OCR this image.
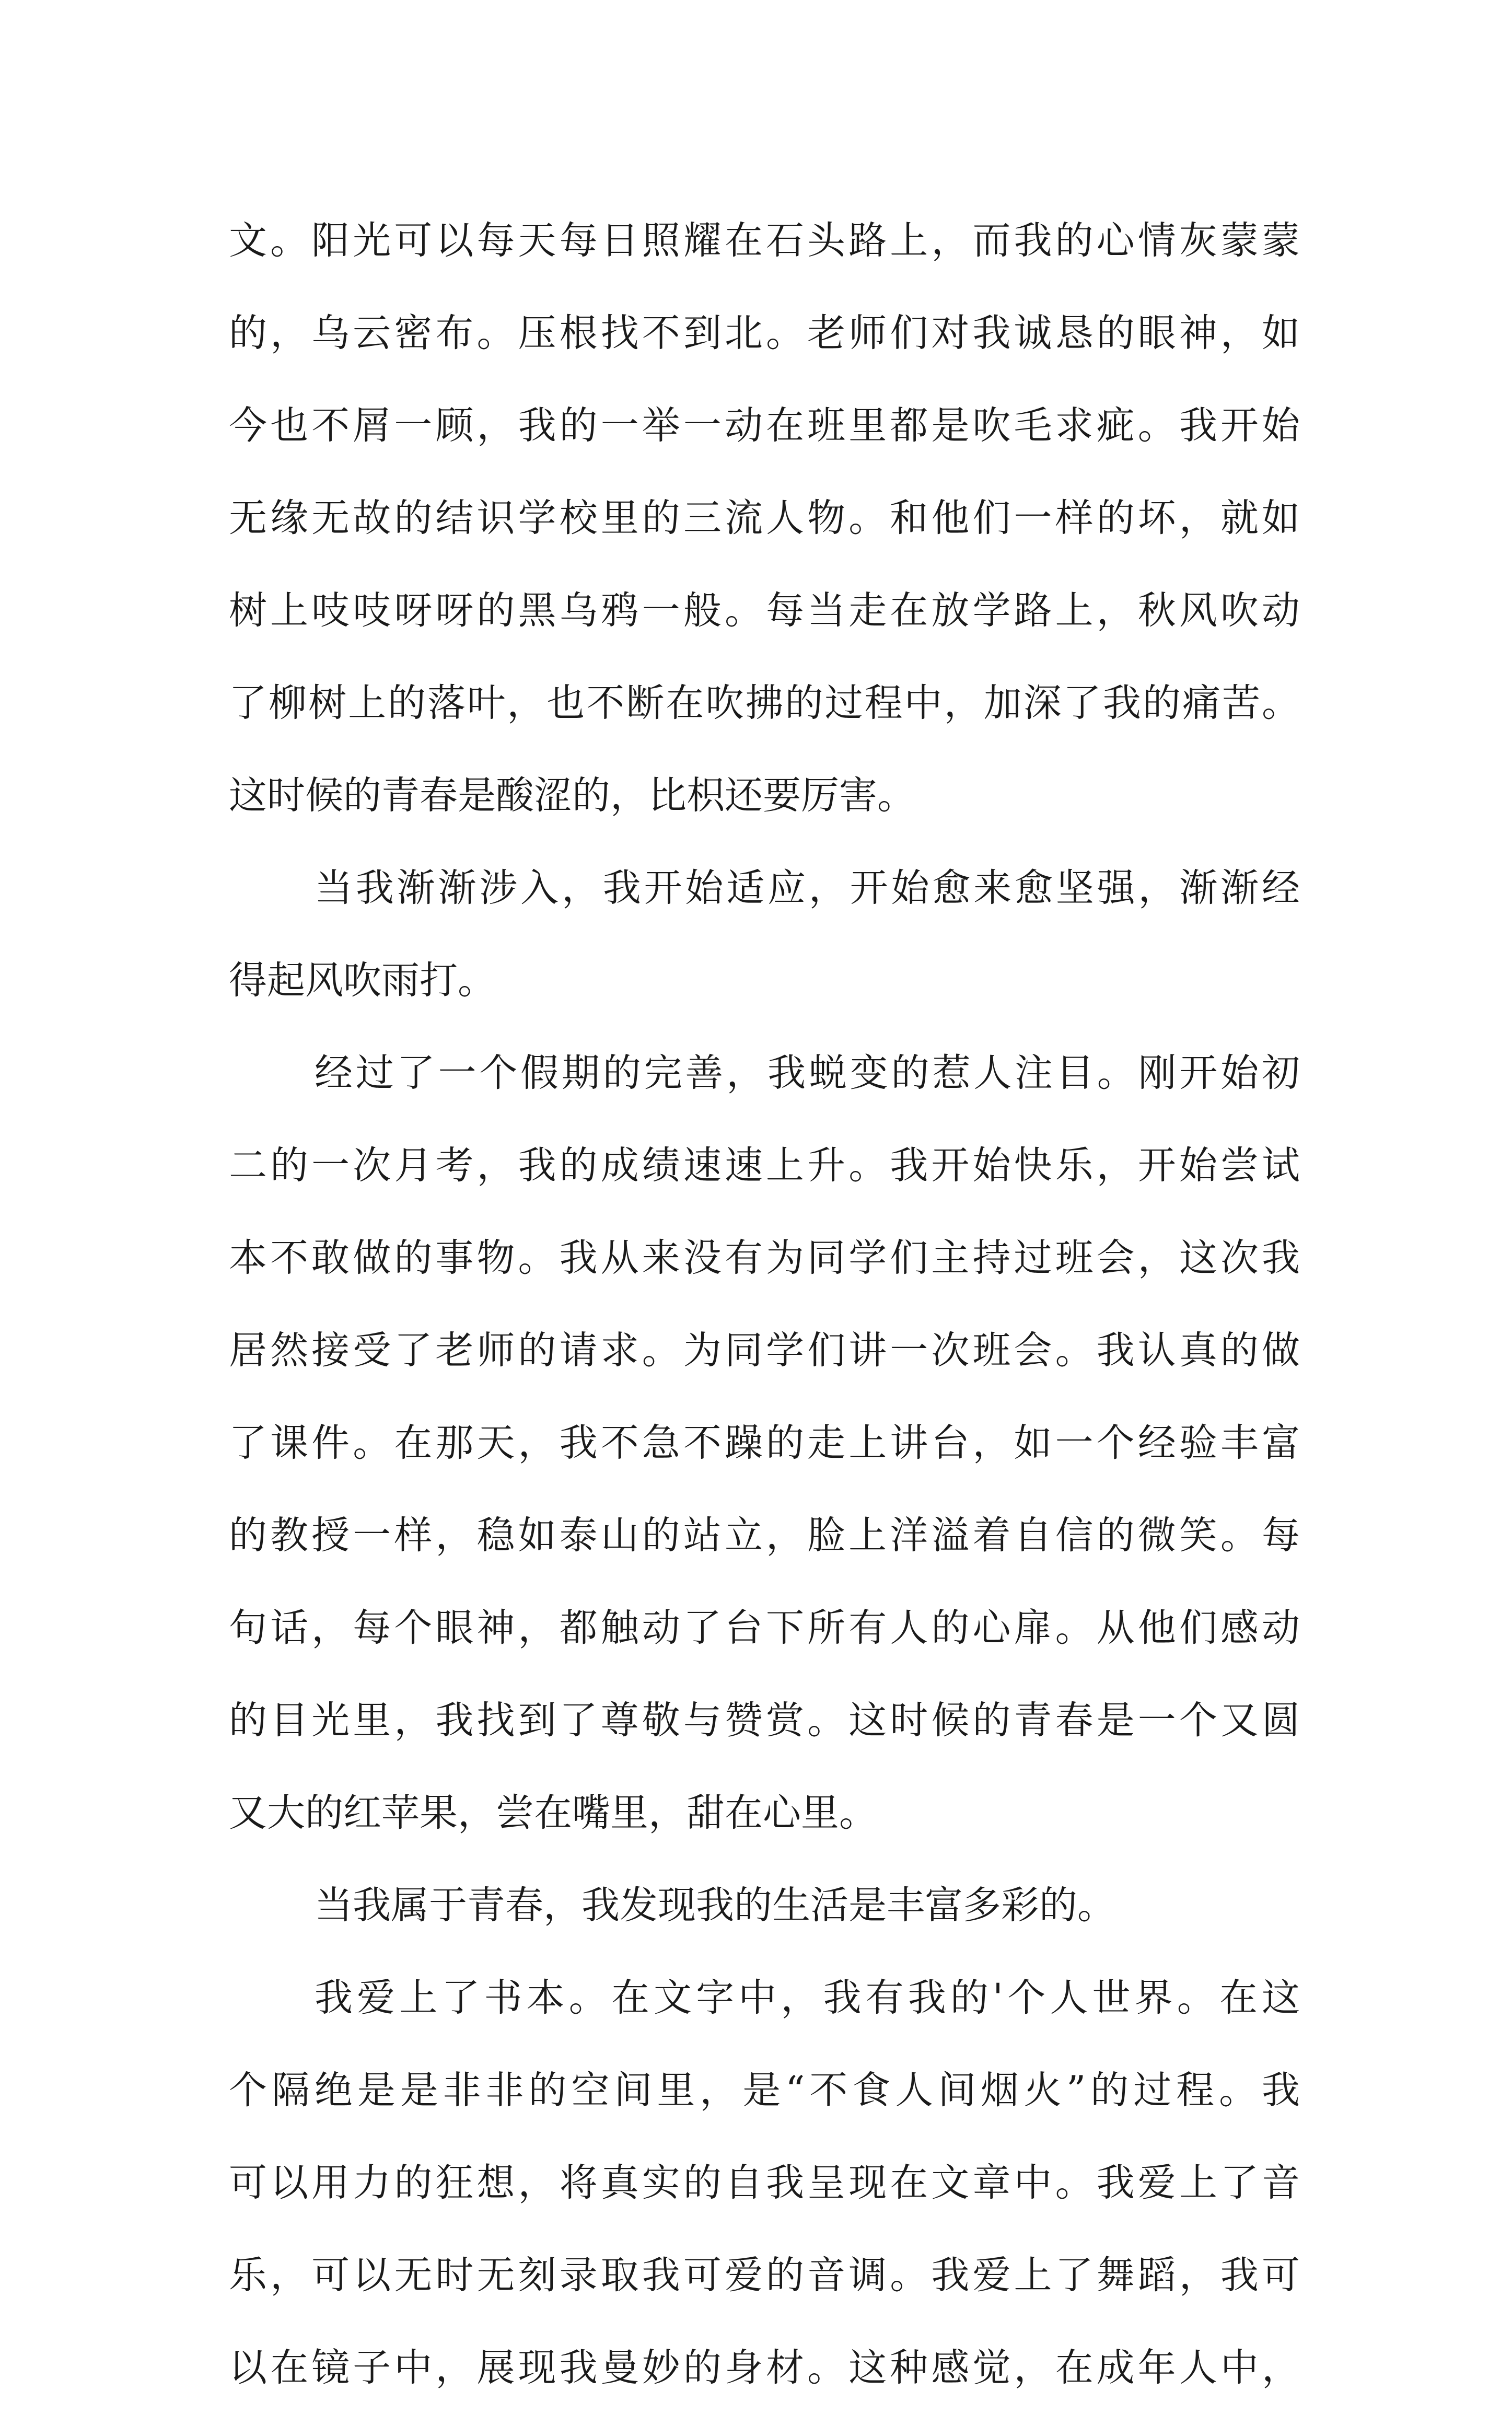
文。阳光可以每天每日照耀在石头路上，而我的心情灰蒙蒙
的，乌云密布。压根找不到北。老师们对我诚恳的眼神，如
今也不屑一顾，我的一举一动在班里都是吹毛求疵。我开始
无缘无故的结识学校里的三流人物。和他们一样的坏，就如
树上吱吱呀呀的黑乌鸦一般。每当走在放学路上，秋风吹动
了柳树上的落叶，也不断在吹拂的过程中，加深了我的痛苦。
这时候的青春是酸涩的，比枳还要厉害。
当我渐渐涉入，我开始适应，开始愈来愈坚强，渐渐经
得起风吹雨打。
经过了一个假期的完善，我蜕变的惹人注目。刚开始初
二的一次月考，我的成绩速速上升。我开始快乐，开始尝试
本不敢做的事物。我从来没有为同学们主持过班会，这次我
居然接受了老师的请求。为同学们讲一次班会。我认真的做
了课件。在那天，我不急不躁的走上讲台，如一个经验丰富
的教授一样，稳如泰山的站立，脸上洋溢着自信的微笑。每
句话，每个眼神，都触动了台下所有人的心扉。从他们感动
的目光里，我找到了尊敬与赞赏。这时候的青春是一个又圆
又大的红苹果，尝在嘴里，甜在心里。
当我属于青春，我发现我的生活是丰富多彩的。
我爱上了书本。在文字中，我有我的'个人世界。在这
个隔绝是是非非的空间里，是“不食人间烟火”的过程。我
可以用力的狂想，将真实的自我呈现在文章中。我爱上了音
乐，可以无时无刻录取我可爱的音调。我爱上了舞蹈，我可
以在镜子中，展现我曼妙的身材。这种感觉，在成年人中，
